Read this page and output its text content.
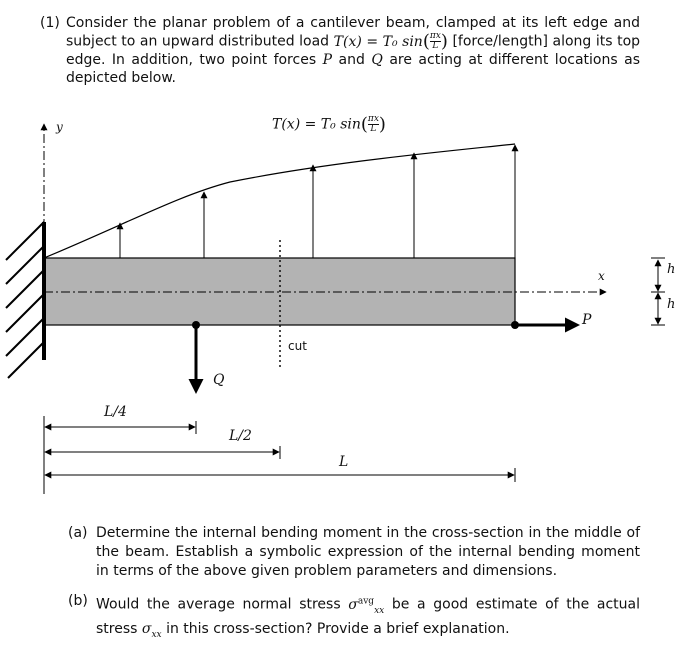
(1) Consider the planar problem of a cantilever beam, clamped at its left edge and subject to an upward distributed load T(x) = T₀ $\sin( \frac{\pi x}{L}$ ) [force/length] along its top edge. In addition, two point forces P and Q are acting at different locations as depicted below.
y	T(x) = T₀ $\sin( \frac{\pi x}{L}$ )
x
P
Q
h
h
cut
L/4
L/2
L
(a) Determine the internal bending moment in the cross-section in the middle of the beam. Establish a symbolic expression of the internal bending moment in terms of the above given problem parameters and dimensions.
(b) Would the average normal stress $\sigma^{avg}_{xx}$ be a good estimate of the actual stress $\sigma_{xx}$ in this cross-section? Provide a brief explanation.
